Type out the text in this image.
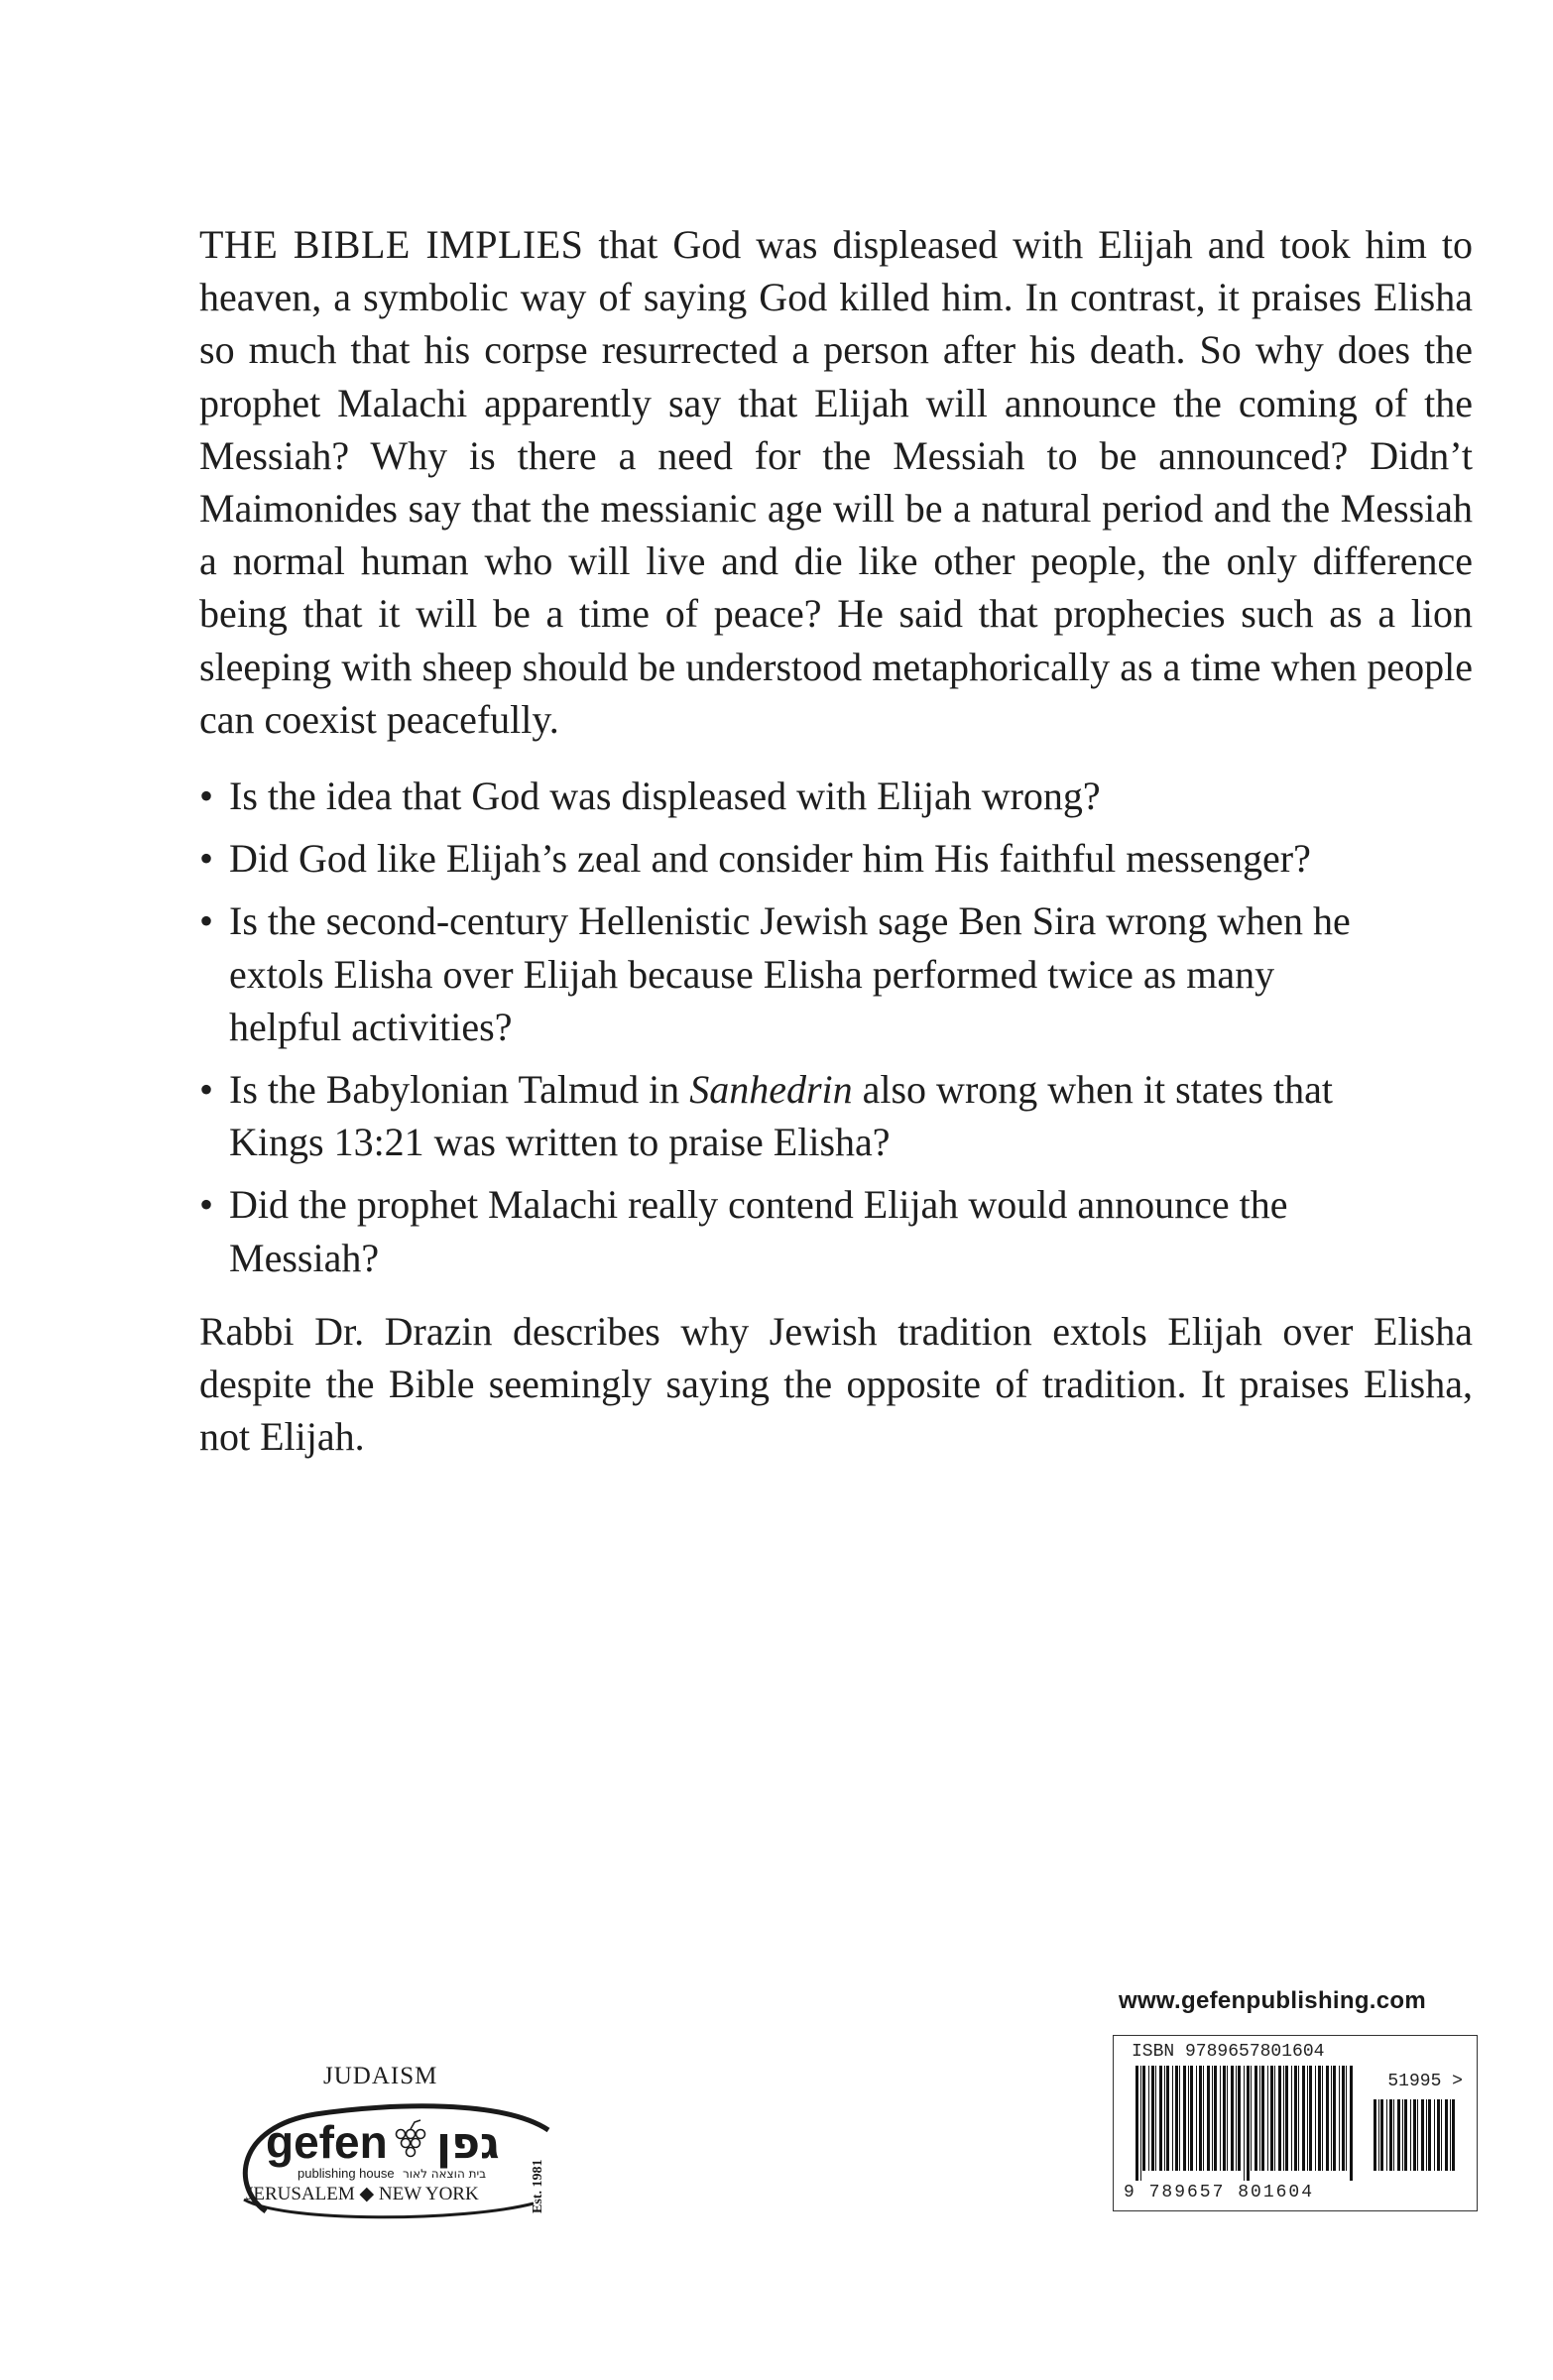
THE BIBLE IMPLIES that God was displeased with Elijah and took him to heaven, a symbolic way of saying God killed him. In contrast, it praises Elisha so much that his corpse resurrected a person after his death. So why does the prophet Malachi apparently say that Elijah will announce the coming of the Messiah? Why is there a need for the Messiah to be announced? Didn’t Maimonides say that the messianic age will be a natural period and the Messiah a normal human who will live and die like other people, the only difference being that it will be a time of peace? He said that prophecies such as a lion sleeping with sheep should be understood metaphorically as a time when people can coexist peacefully.
• Is the idea that God was displeased with Elijah wrong?
• Did God like Elijah’s zeal and consider him His faithful messenger?
• Is the second-century Hellenistic Jewish sage Ben Sira wrong when he extols Elisha over Elijah because Elisha performed twice as many helpful activities?
• Is the Babylonian Talmud in Sanhedrin also wrong when it states that Kings 13:21 was written to praise Elisha?
• Did the prophet Malachi really contend Elijah would announce the Messiah?
Rabbi Dr. Drazin describes why Jewish tradition extols Elijah over Elisha despite the Bible seemingly saying the opposite of tradition. It praises Elisha, not Elijah.
JUDAISM
gefen גפן
publishing house בית הוצאה לאור
JERUSALEM ◆ NEW YORK	Est. 1981
www.gefenpublishing.com
ISBN 9789657801604
51995 >
9 789657 801604
